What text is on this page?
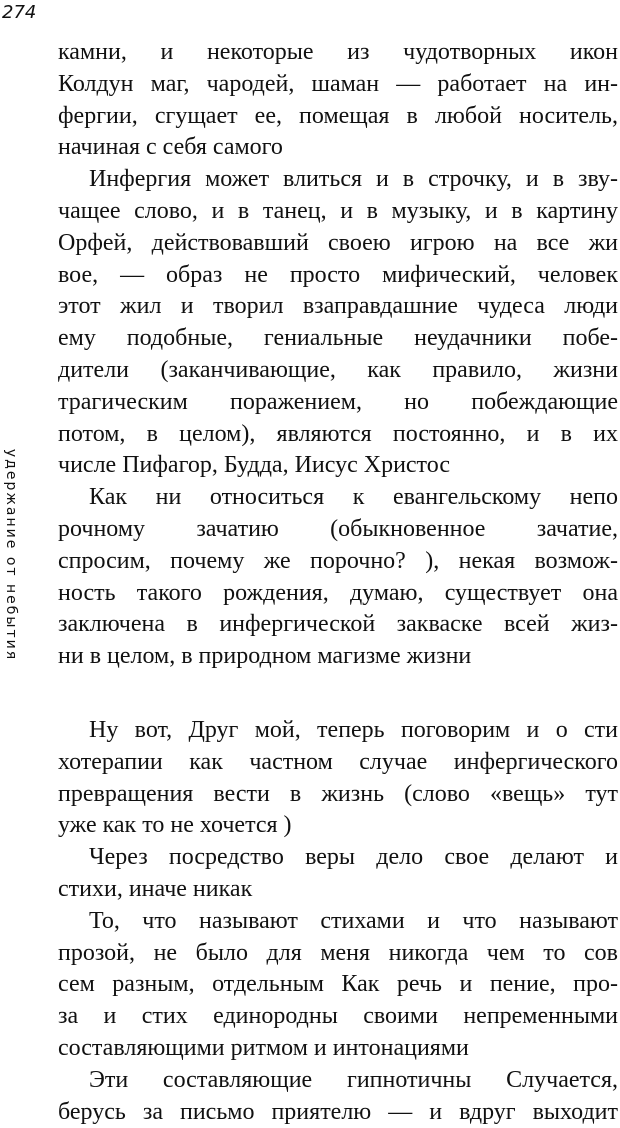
274
удержание от небытия
камни, и некоторые из чудотворных икон
Колдун маг, чародей, шаман — работает на ин-
фергии, сгущает ее, помещая в любой носитель,
начиная с себя самого
Инфергия может влиться и в строчку, и в зву-
чащее слово, и в танец, и в музыку, и в картину
Орфей, действовавший своею игрою на все жи
вое, — образ не просто мифический, человек
этот жил и творил взаправдашние чудеса люди
ему подобные, гениальные неудачники побе-
дители (заканчивающие, как правило, жизни
трагическим поражением, но побеждающие
потом, в целом), являются постоянно, и в их
числе Пифагор, Будда, Иисус Христос
Как ни относиться к евангельскому непо
рочному зачатию (обыкновенное зачатие,
спросим, почему же порочно? ), некая возмож-
ность такого рождения, думаю, существует она
заключена в инфергической закваске всей жиз-
ни в целом, в природном магизме жизни
Ну вот, Друг мой, теперь поговорим и о сти
хотерапии как частном случае инфергического
превращения вести в жизнь (слово «вещь» тут
уже как то не хочется )
Через посредство веры дело свое делают и
стихи, иначе никак
То, что называют стихами и что называют
прозой, не было для меня никогда чем то сов
сем разным, отдельным Как речь и пение, про-
за и стих единородны своими непременными
составляющими ритмом и интонациями
Эти составляющие гипнотичны Случается,
берусь за письмо приятелю — и вдруг выходит
